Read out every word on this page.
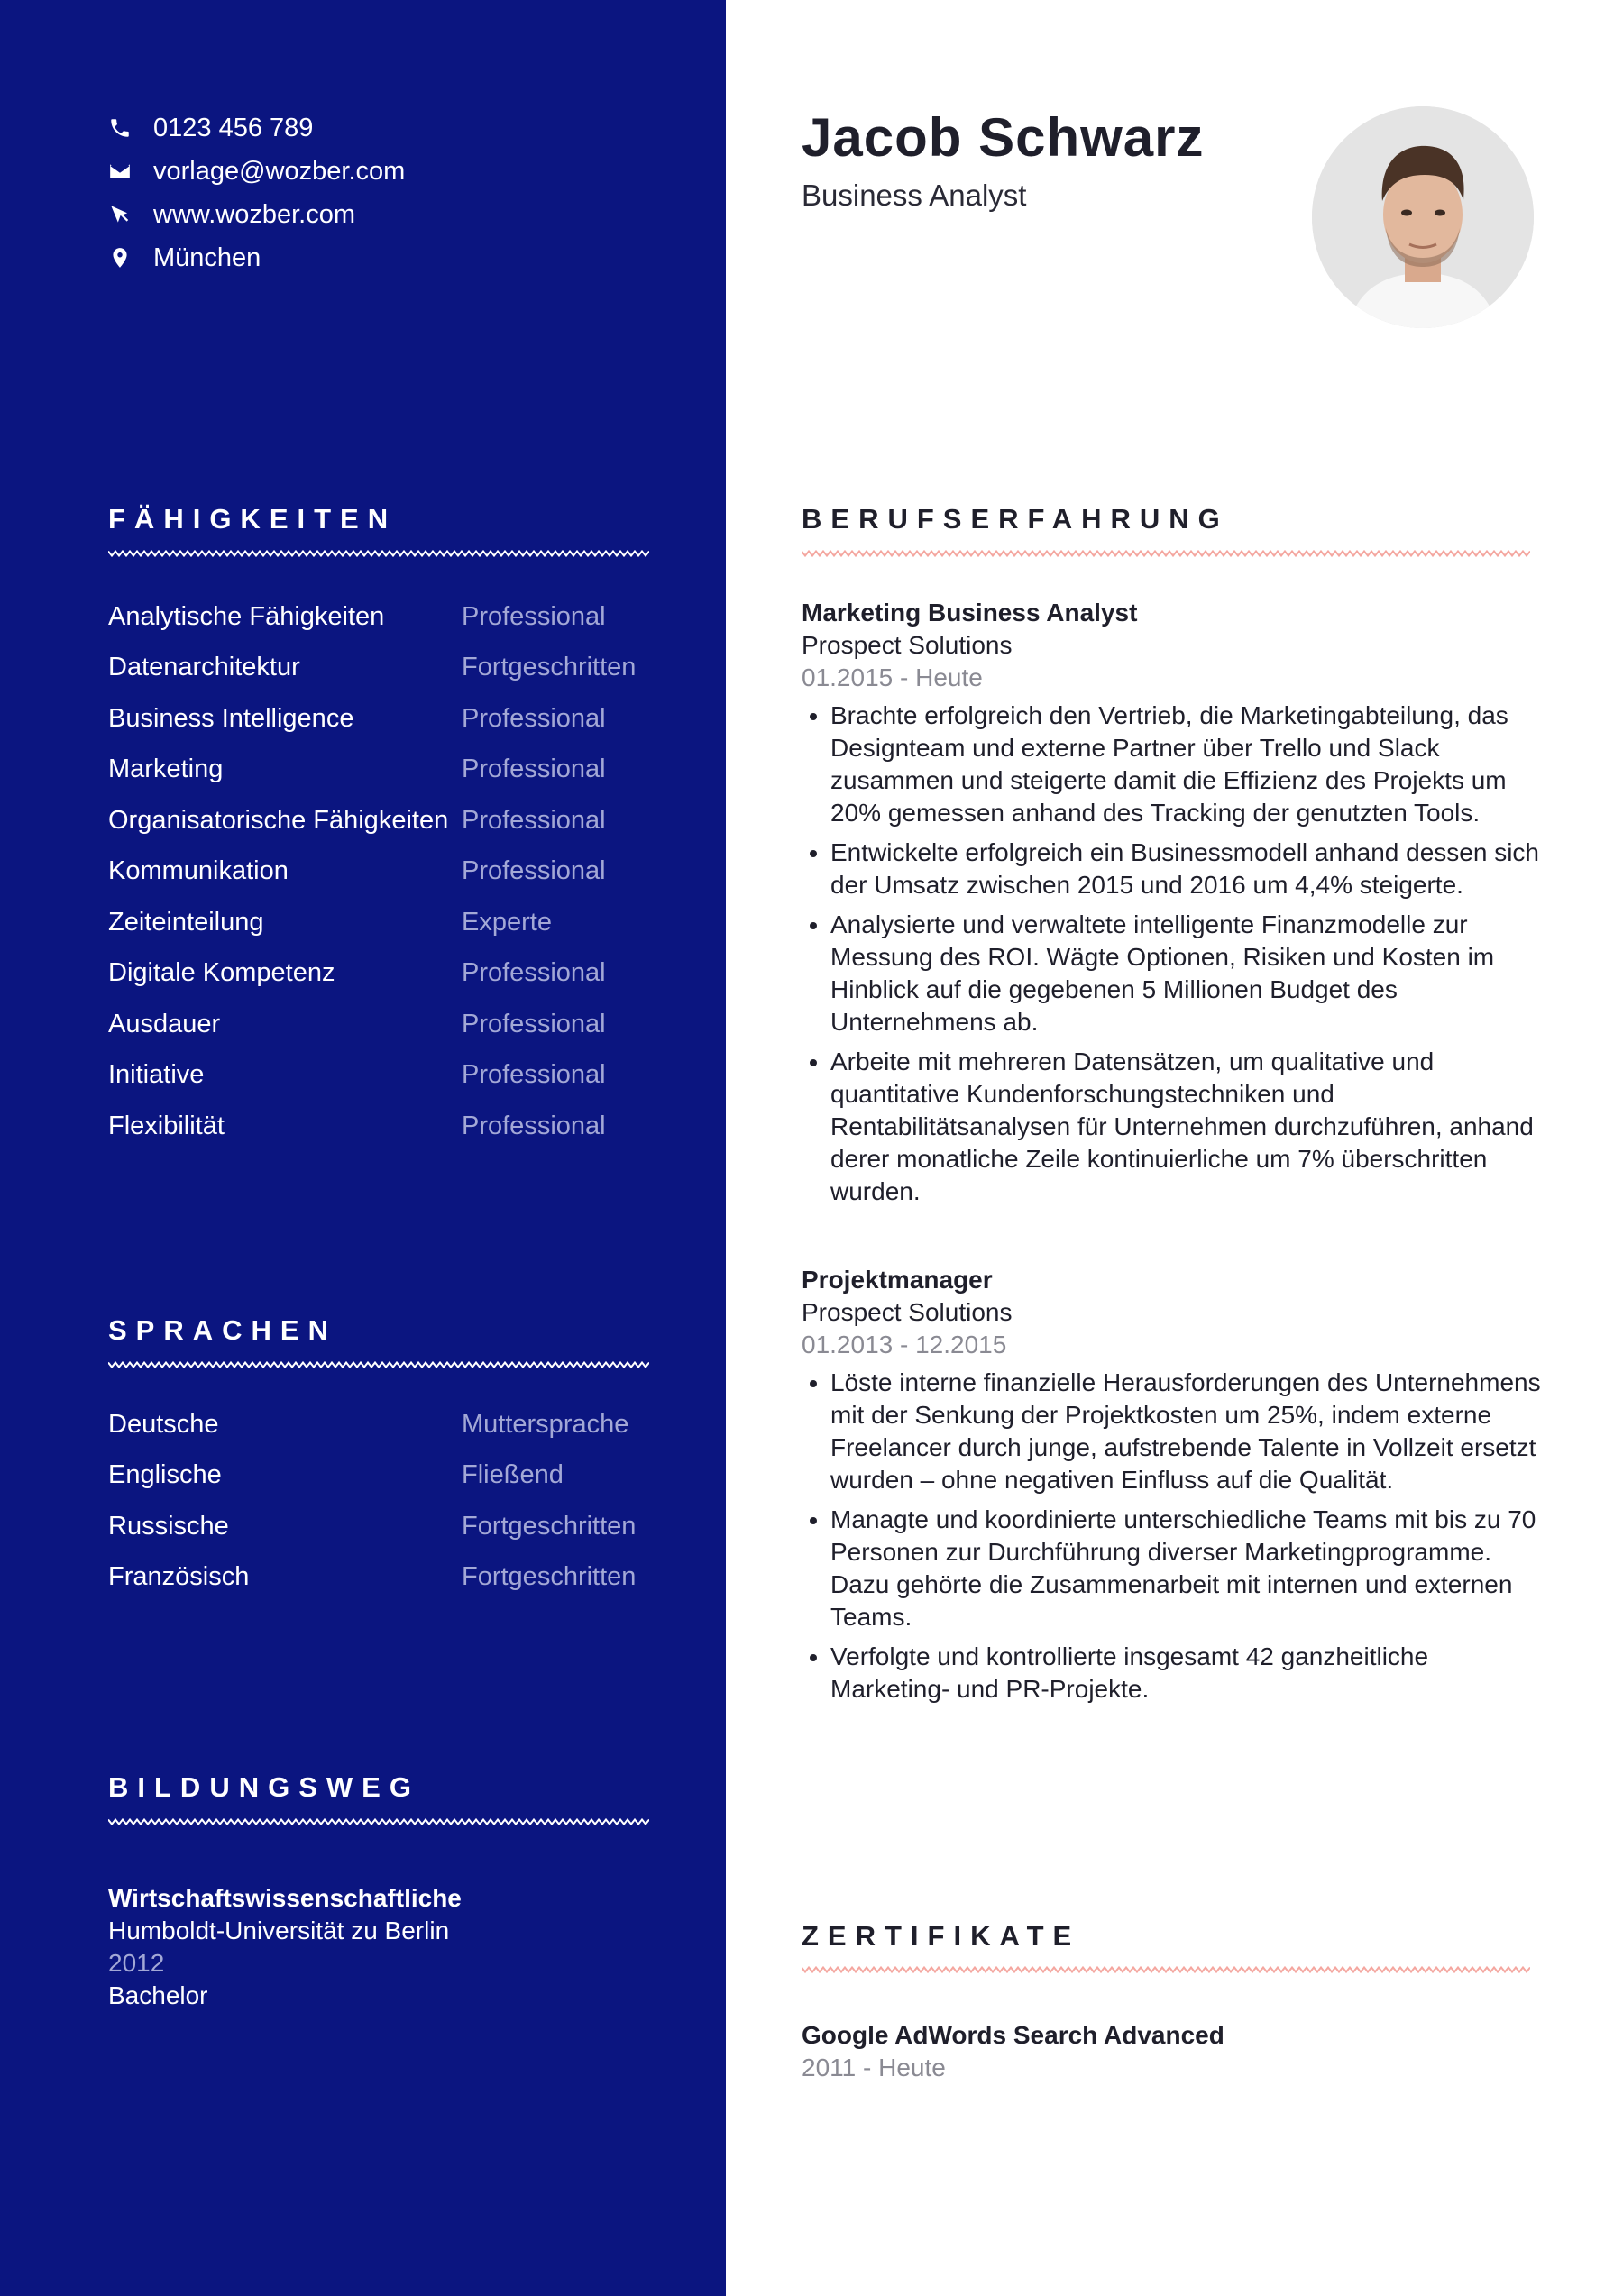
0123 456 789
vorlage@wozber.com
www.wozber.com
München
FÄHIGKEITEN
Analytische Fähigkeiten	Professional
Datenarchitektur	Fortgeschritten
Business Intelligence	Professional
Marketing	Professional
Organisatorische Fähigkeiten Professional
Kommunikation	Professional
Zeiteinteilung	Experte
Digitale Kompetenz	Professional
Ausdauer	Professional
Initiative	Professional
Flexibilität	Professional
SPRACHEN
Deutsche	Muttersprache
Englische	Fließend
Russische	Fortgeschritten
Französisch	Fortgeschritten
BILDUNGSWEG
Wirtschaftswissenschaftliche
Humboldt-Universität zu Berlin
2012
Bachelor
Jacob Schwarz
Business Analyst
BERUFSERFAHRUNG
Marketing Business Analyst
Prospect Solutions
01.2015 - Heute
• Brachte erfolgreich den Vertrieb, die Marketingabteilung, das Designteam und externe Partner über Trello und Slack zusammen und steigerte damit die Effizienz des Projekts um 20% gemessen anhand des Tracking der genutzten Tools.
• Entwickelte erfolgreich ein Businessmodell anhand dessen sich der Umsatz zwischen 2015 und 2016 um 4,4% steigerte.
• Analysierte und verwaltete intelligente Finanzmodelle zur Messung des ROI. Wägte Optionen, Risiken und Kosten im Hinblick auf die gegebenen 5 Millionen Budget des Unternehmens ab.
• Arbeite mit mehreren Datensätzen, um qualitative und quantitative Kundenforschungstechniken und Rentabilitätsanalysen für Unternehmen durchzuführen, anhand derer monatliche Zeile kontinuierliche um 7% überschritten wurden.
Projektmanager
Prospect Solutions
01.2013 - 12.2015
• Löste interne finanzielle Herausforderungen des Unternehmens mit der Senkung der Projektkosten um 25%, indem externe Freelancer durch junge, aufstrebende Talente in Vollzeit ersetzt wurden – ohne negativen Einfluss auf die Qualität.
• Managte und koordinierte unterschiedliche Teams mit bis zu 70 Personen zur Durchführung diverser Marketingprogramme. Dazu gehörte die Zusammenarbeit mit internen und externen Teams.
• Verfolgte und kontrollierte insgesamt 42 ganzheitliche Marketing- und PR-Projekte.
ZERTIFIKATE
Google AdWords Search Advanced
2011 - Heute
